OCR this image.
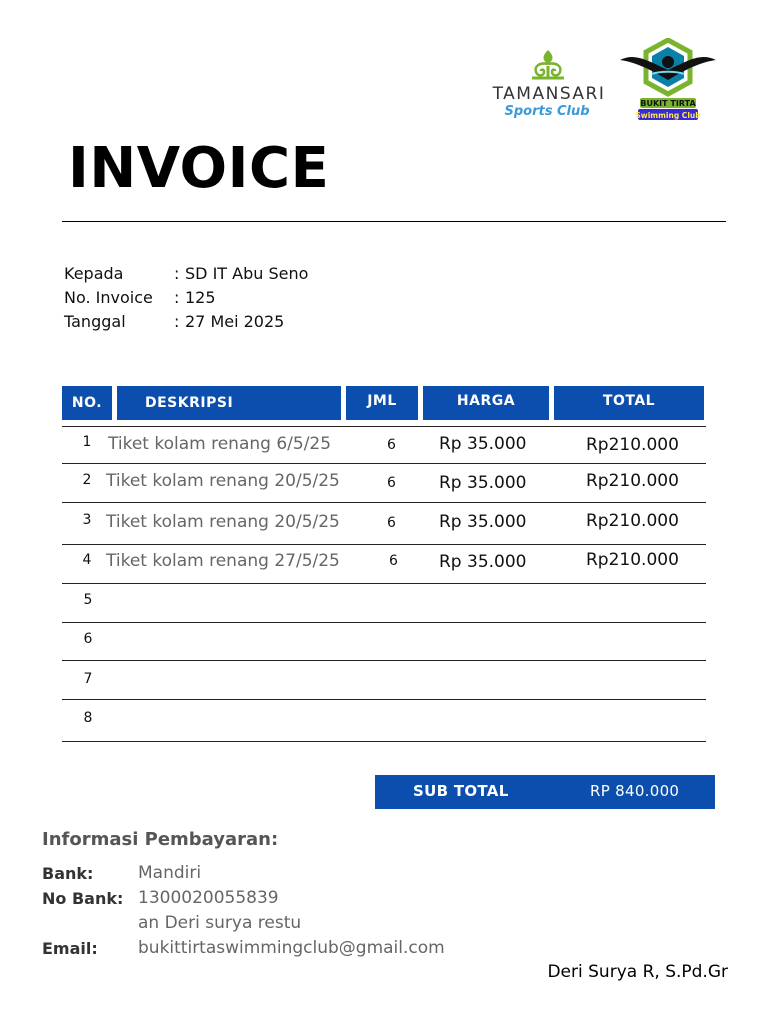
TAMANSARI
Sports Club
BUKIT TIRTA
Swimming Club
INVOICE
Kepada	: SD IT Abu Seno
No. Invoice	: 125
Tanggal	: 27 Mei 2025
NO.	DESKRIPSI	JML	HARGA	TOTAL
1 Tiket kolam renang 6/5/25	6	Rp 35.000	Rp210.000
2 Tiket kolam renang 20/5/25	6	Rp 35.000	Rp210.000
3 Tiket kolam renang 20/5/25	6	Rp 35.000	Rp210.000
4 Tiket kolam renang 27/5/25	6 Rp 35.000	Rp210.000
5
6
7
8
SUB TOTAL	RP 840.000
Informasi Pembayaran:
Bank:	Mandiri
No Bank: 1300020055839
an Deri surya restu
Email: bukittirtaswimmingclub@gmail.com
Deri Surya R, S.Pd.Gr
